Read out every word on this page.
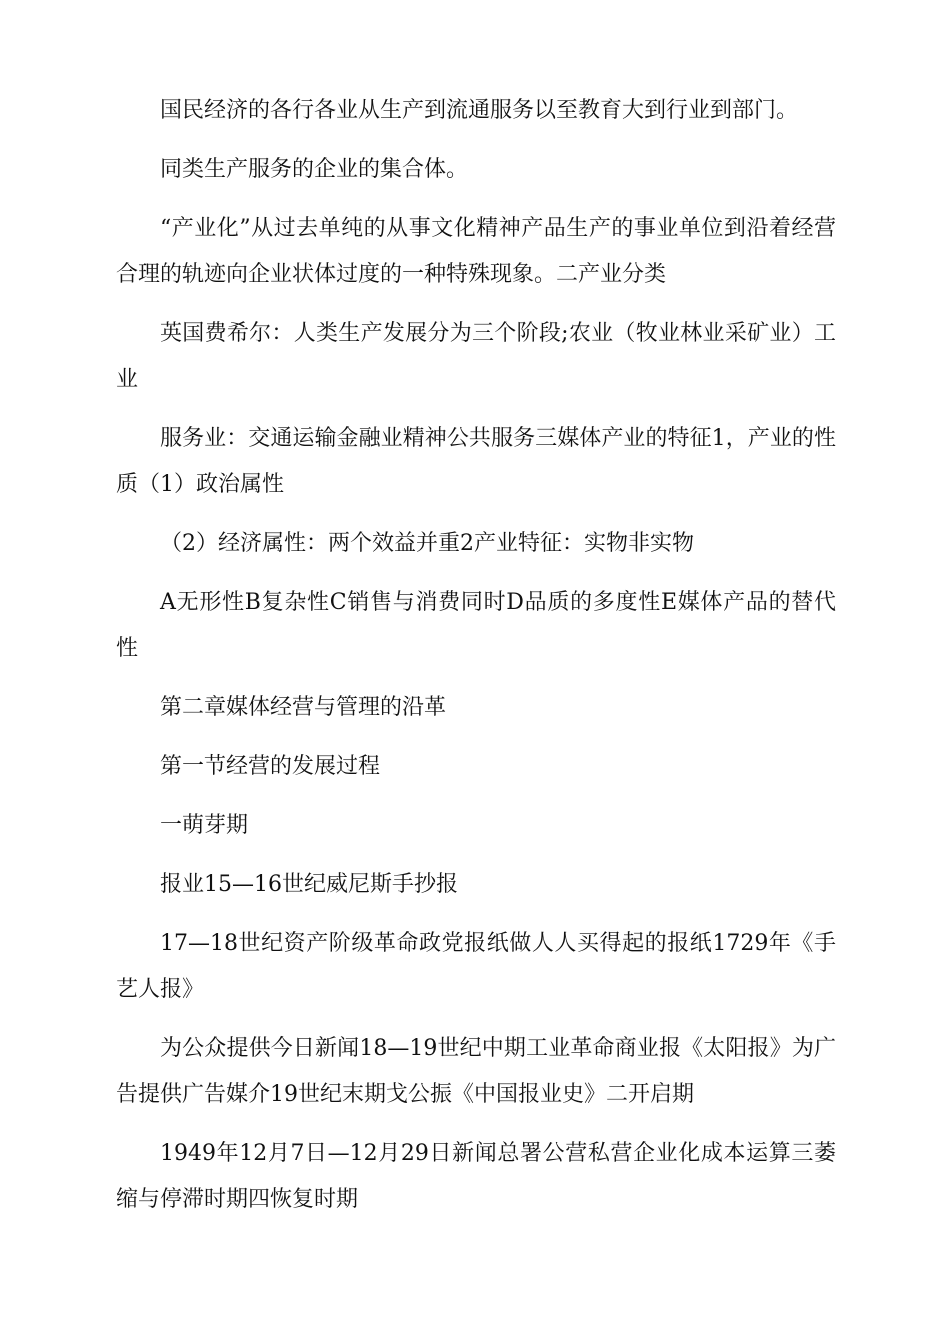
国民经济的各行各业从生产到流通服务以至教育大到行业到部门。

同类生产服务的企业的集合体。

“产业化”从过去单纯的从事文化精神产品生产的事业单位到沿着经营合理的轨迹向企业状体过度的一种特殊现象。二产业分类

英国费希尔：人类生产发展分为三个阶段;农业（牧业林业采矿业）工业

服务业：交通运输金融业精神公共服务三媒体产业的特征1，产业的性质（1）政治属性

（2）经济属性：两个效益并重2产业特征：实物非实物

A无形性B复杂性C销售与消费同时D品质的多度性E媒体产品的替代性

第二章媒体经营与管理的沿革

第一节经营的发展过程

一萌芽期

报业15—16世纪威尼斯手抄报

17—18世纪资产阶级革命政党报纸做人人买得起的报纸1729年《手艺人报》

为公众提供今日新闻18—19世纪中期工业革命商业报《太阳报》为广告提供广告媒介19世纪末期戈公振《中国报业史》二开启期

1949年12月7日—12月29日新闻总署公营私营企业化成本运算三萎缩与停滞时期四恢复时期
